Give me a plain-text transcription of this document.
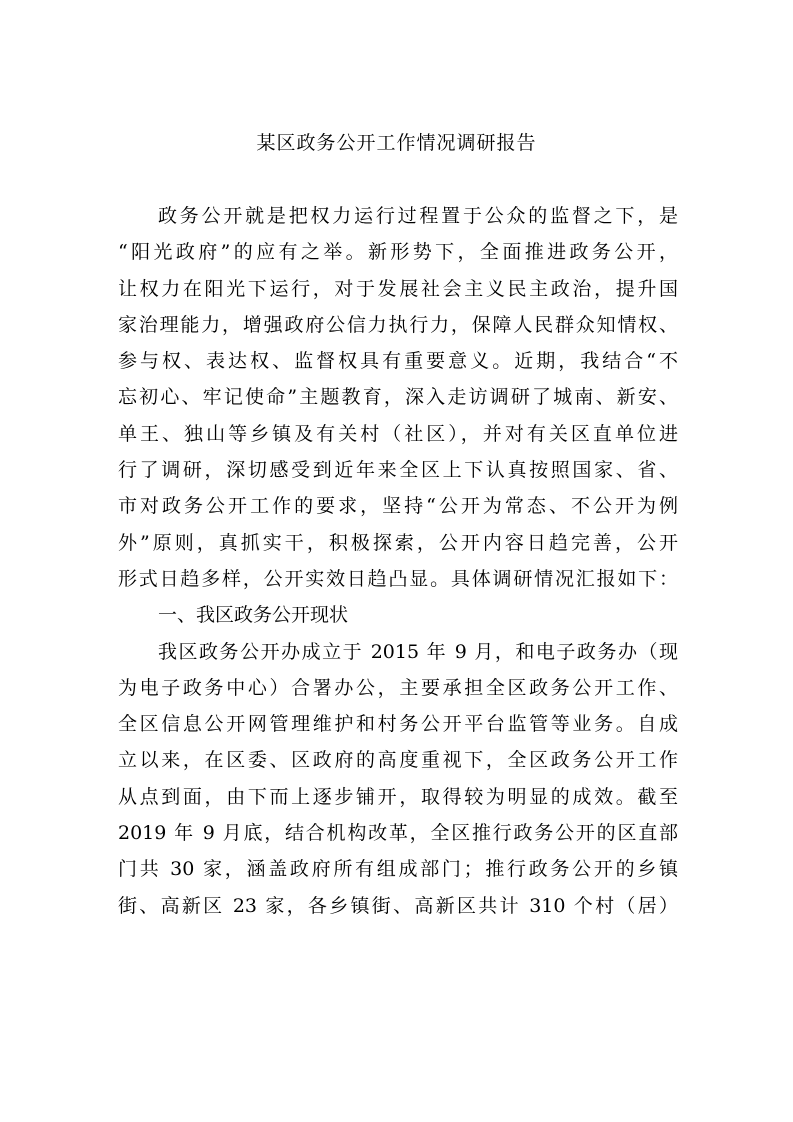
某区政务公开工作情况调研报告
政务公开就是把权力运行过程置于公众的监督之下，是
“阳光政府”的应有之举。新形势下，全面推进政务公开，
让权力在阳光下运行，对于发展社会主义民主政治，提升国
家治理能力，增强政府公信力执行力，保障人民群众知情权、
参与权、表达权、监督权具有重要意义。近期，我结合“不
忘初心、牢记使命”主题教育，深入走访调研了城南、新安、
单王、独山等乡镇及有关村（社区），并对有关区直单位进
行了调研，深切感受到近年来全区上下认真按照国家、省、
市对政务公开工作的要求，坚持“公开为常态、不公开为例
外”原则，真抓实干，积极探索，公开内容日趋完善，公开
形式日趋多样，公开实效日趋凸显。具体调研情况汇报如下：
一、我区政务公开现状
我区政务公开办成立于 2015 年 9 月，和电子政务办（现
为电子政务中心）合署办公，主要承担全区政务公开工作、
全区信息公开网管理维护和村务公开平台监管等业务。自成
立以来，在区委、区政府的高度重视下，全区政务公开工作
从点到面，由下而上逐步铺开，取得较为明显的成效。截至
2019 年 9 月底，结合机构改革，全区推行政务公开的区直部
门共 30 家，涵盖政府所有组成部门；推行政务公开的乡镇
街、高新区 23 家，各乡镇街、高新区共计 310 个村（居）
